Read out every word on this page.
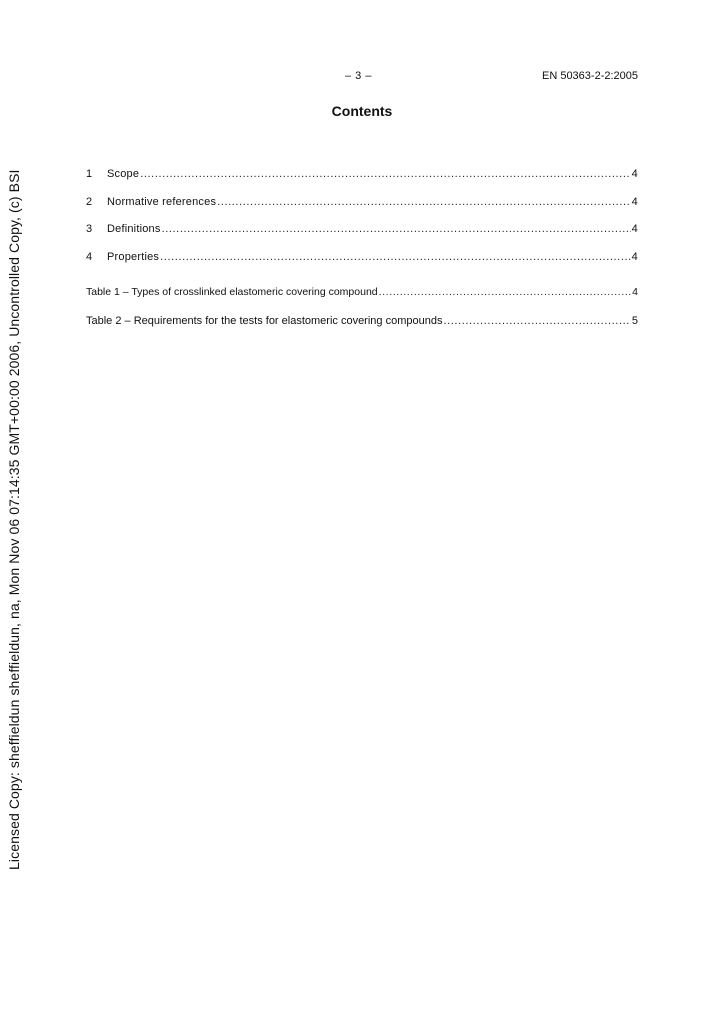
– 3 –	EN 50363-2-2:2005
Contents
1	Scope .....	4
2	Normative references .....	4
3	Definitions .....	4
4	Properties .....	4
Table 1 – Types of crosslinked elastomeric covering compound .....	4
Table 2 – Requirements for the tests for elastomeric covering compounds .....	5
Licensed Copy: sheffieldun sheffieldun, na, Mon Nov 06 07:14:35 GMT+00:00 2006, Uncontrolled Copy, (c) BSI
